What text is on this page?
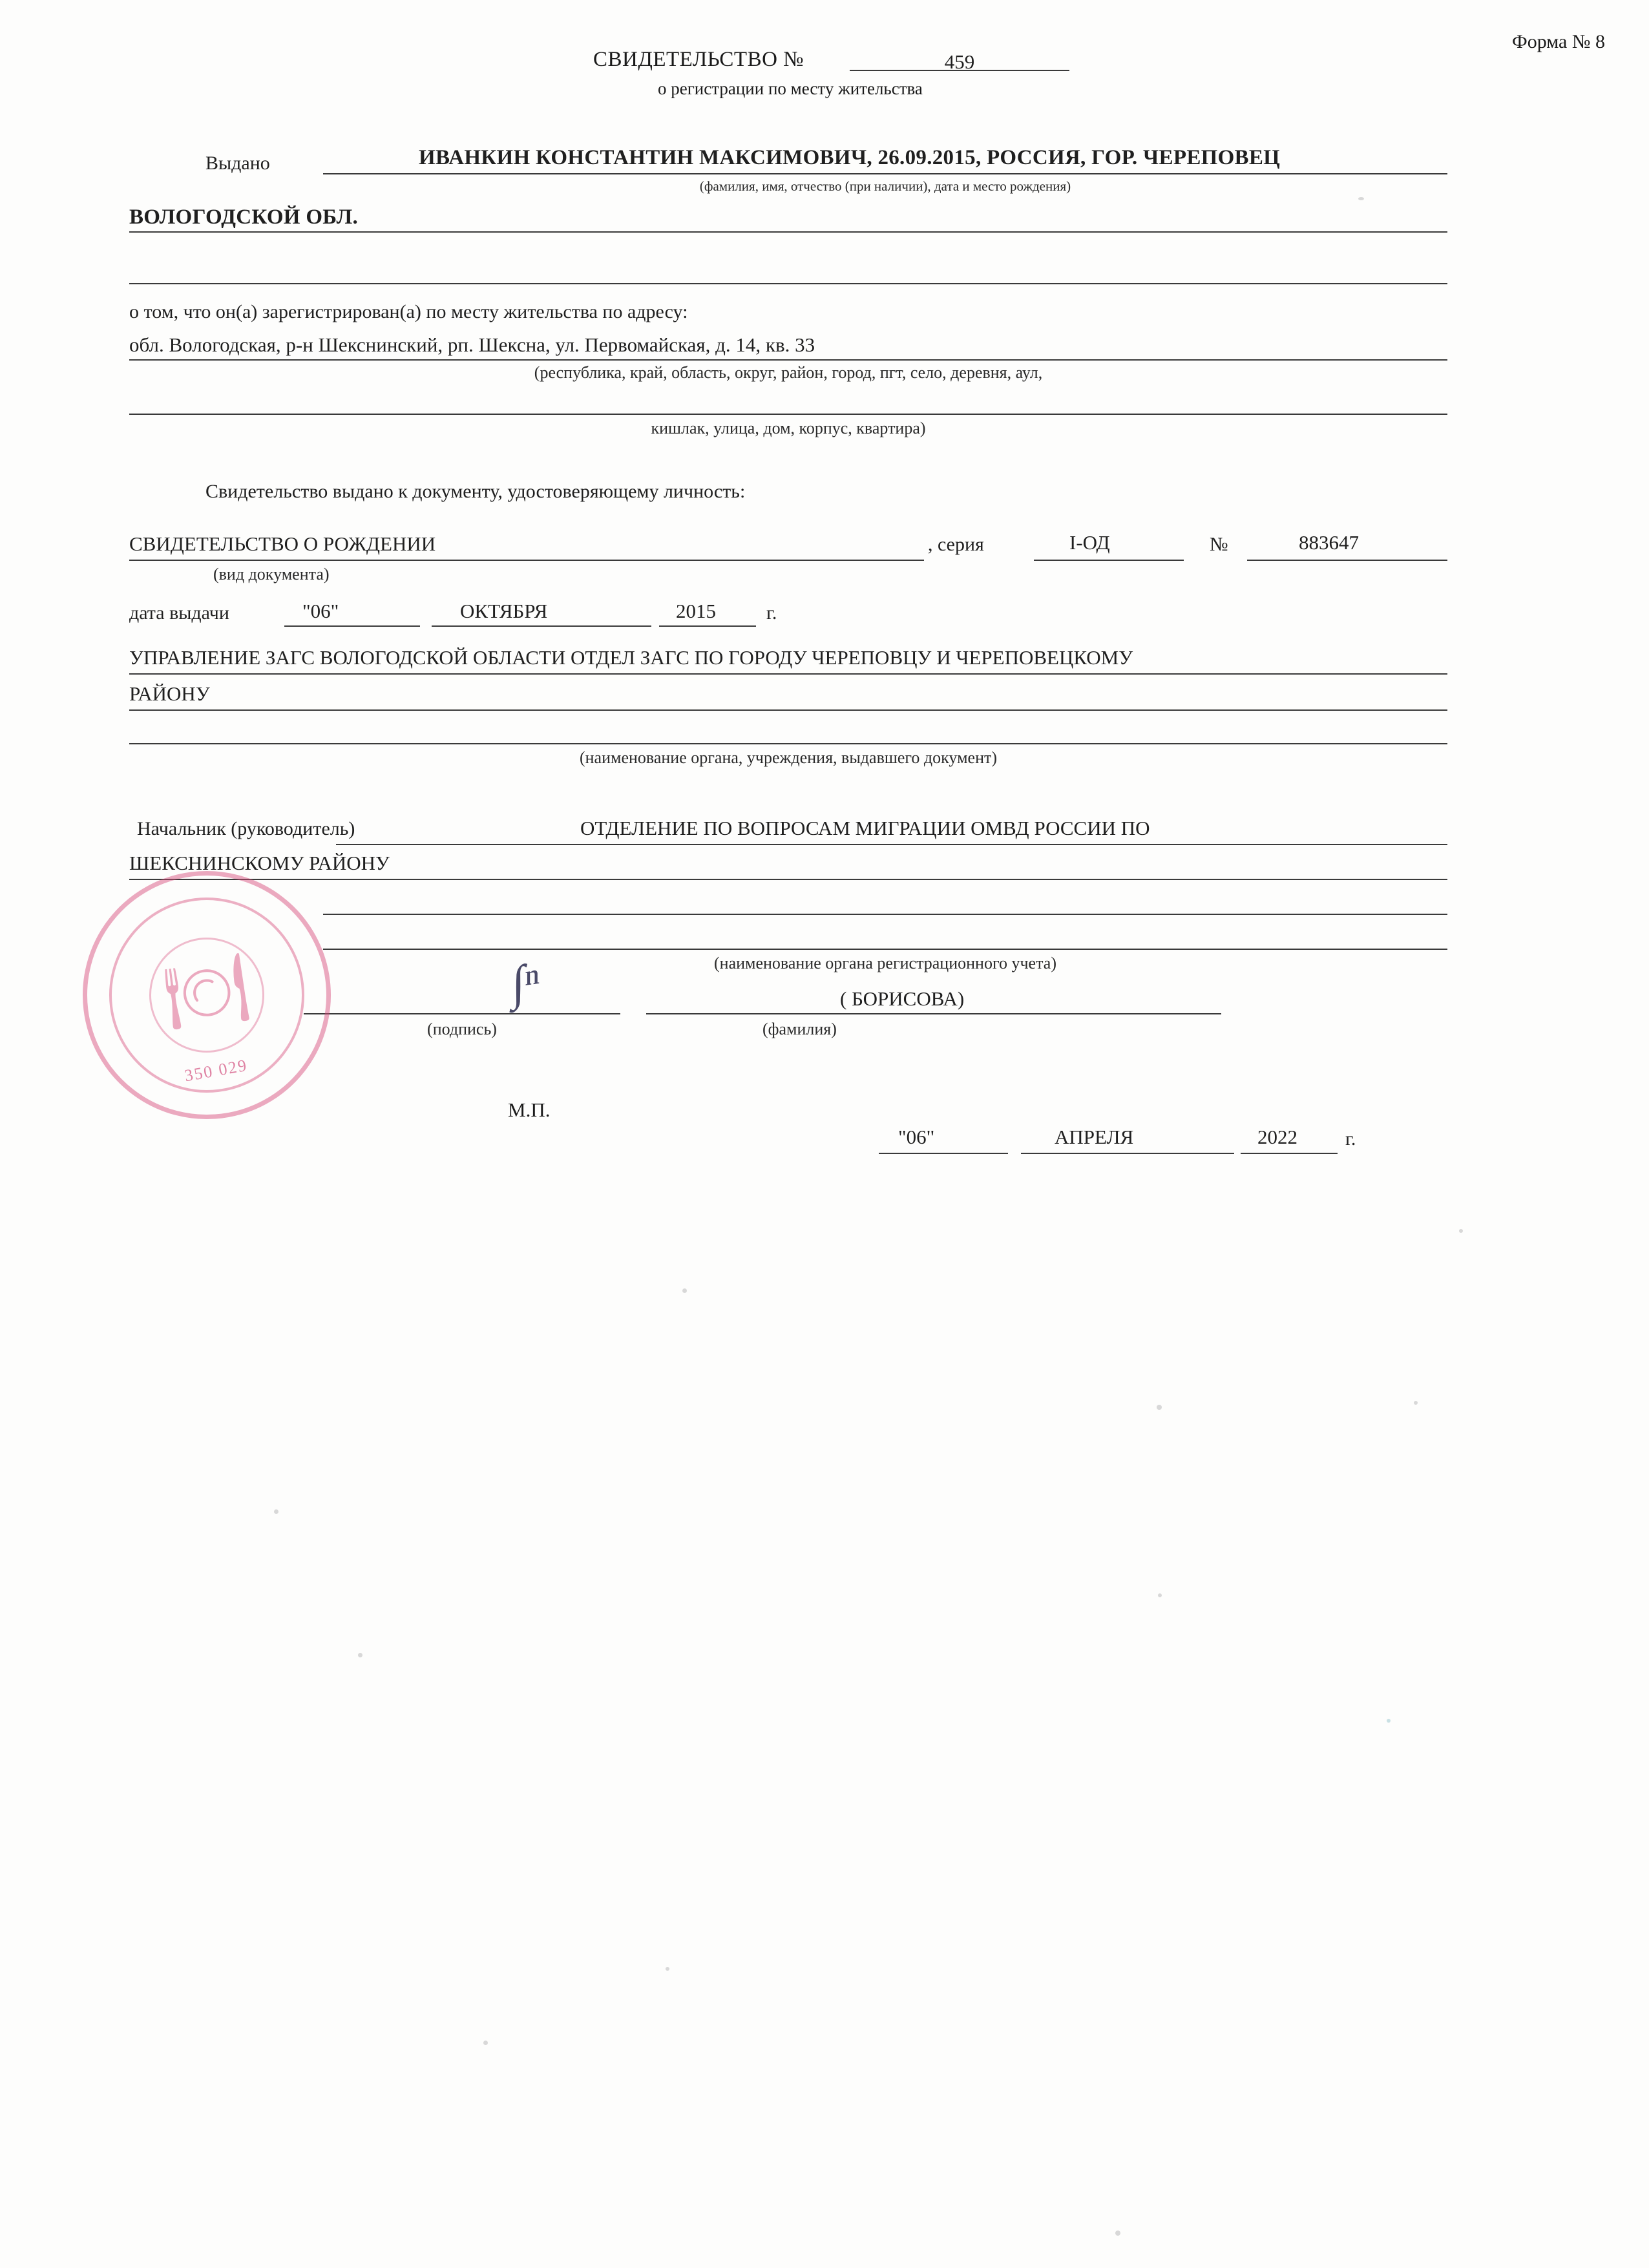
Форма № 8
СВИДЕТЕЛЬСТВО №	459
о регистрации по месту жительства
Выдано	ИВАНКИН КОНСТАНТИН МАКСИМОВИЧ, 26.09.2015, РОССИЯ, ГОР. ЧЕРЕПОВЕЦ
(фамилия, имя, отчество (при наличии), дата и место рождения)
ВОЛОГОДСКОЙ ОБЛ.
о том, что он(а) зарегистрирован(а) по месту жительства по адресу:
обл. Вологодская, р-н Шекснинский, рп. Шексна, ул. Первомайская, д. 14, кв. 33
(республика, край, область, округ, район, город, пгт, село, деревня, аул,
кишлак, улица, дом, корпус, квартира)
Свидетельство выдано к документу, удостоверяющему личность:
СВИДЕТЕЛЬСТВО О РОЖДЕНИИ
(вид документа)
, серия	I-ОД	№	883647
дата выдачи	"06"	ОКТЯБРЯ	2015	г.
УПРАВЛЕНИЕ ЗАГС ВОЛОГОДСКОЙ ОБЛАСТИ ОТДЕЛ ЗАГС ПО ГОРОДУ ЧЕРЕПОВЦУ И ЧЕРЕПОВЕЦКОМУ
РАЙОНУ
(наименование органа, учреждения, выдавшего документ)
Начальник (руководитель)	ОТДЕЛЕНИЕ ПО ВОПРОСАМ МИГРАЦИИ ОМВД РОССИИ ПО
ШЕКСНИНСКОМУ РАЙОНУ
(наименование органа регистрационного учета)
(подпись)
( БОРИСОВА)
(фамилия)
М.П.
"06"	АПРЕЛЯ	2022 г.
🍽
350 029
∫ⁿ
